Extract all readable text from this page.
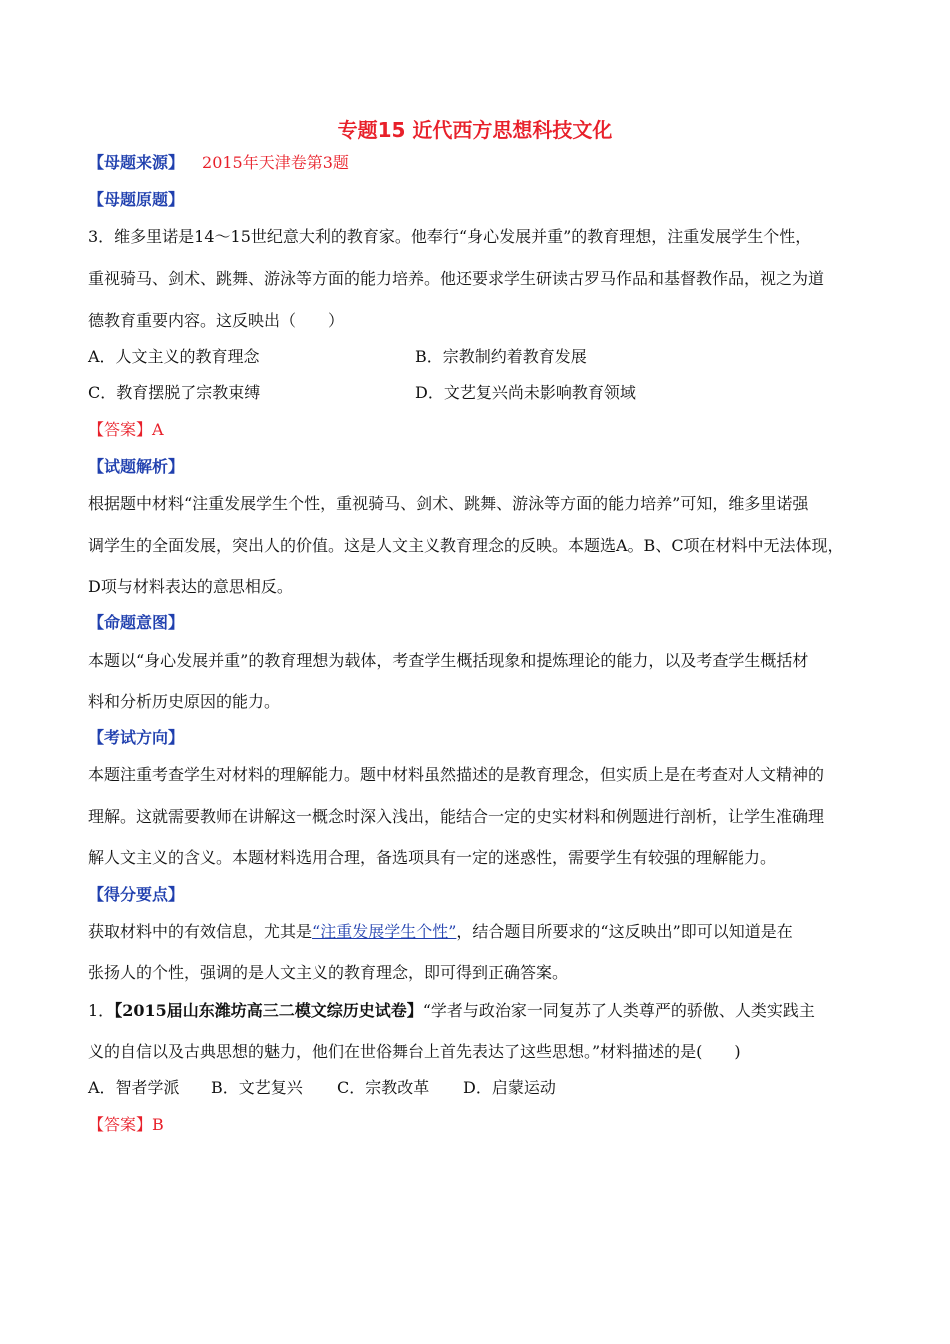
专题15 近代西方思想科技文化
【母题来源】 2015年天津卷第3题
【母题原题】
3．维多里诺是14～15世纪意大利的教育家。他奉行“身心发展并重”的教育理想，注重发展学生个性，
重视骑马、剑术、跳舞、游泳等方面的能力培养。他还要求学生研读古罗马作品和基督教作品，视之为道
德教育重要内容。这反映出（　　）
A．人文主义的教育理念	B．宗教制约着教育发展
C．教育摆脱了宗教束缚	D．文艺复兴尚未影响教育领域
【答案】A
【试题解析】
根据题中材料“注重发展学生个性，重视骑马、剑术、跳舞、游泳等方面的能力培养”可知，维多里诺强
调学生的全面发展，突出人的价值。这是人文主义教育理念的反映。本题选A。B、C项在材料中无法体现，
D项与材料表达的意思相反。
【命题意图】
本题以“身心发展并重”的教育理想为载体，考查学生概括现象和提炼理论的能力，以及考查学生概括材
料和分析历史原因的能力。
【考试方向】
本题注重考查学生对材料的理解能力。题中材料虽然描述的是教育理念，但实质上是在考查对人文精神的
理解。这就需要教师在讲解这一概念时深入浅出，能结合一定的史实材料和例题进行剖析，让学生准确理
解人文主义的含义。本题材料选用合理，备选项具有一定的迷惑性，需要学生有较强的理解能力。
【得分要点】
获取材料中的有效信息，尤其是“注重发展学生个性”，结合题目所要求的“这反映出”即可以知道是在
张扬人的个性，强调的是人文主义的教育理念，即可得到正确答案。
1．【2015届山东潍坊高三二模文综历史试卷】“学者与政治家一同复苏了人类尊严的骄傲、人类实践主
义的自信以及古典思想的魅力，他们在世俗舞台上首先表达了这些思想。”材料描述的是(　　)
A．智者学派 B．文艺复兴 C．宗教改革 D．启蒙运动
【答案】B
